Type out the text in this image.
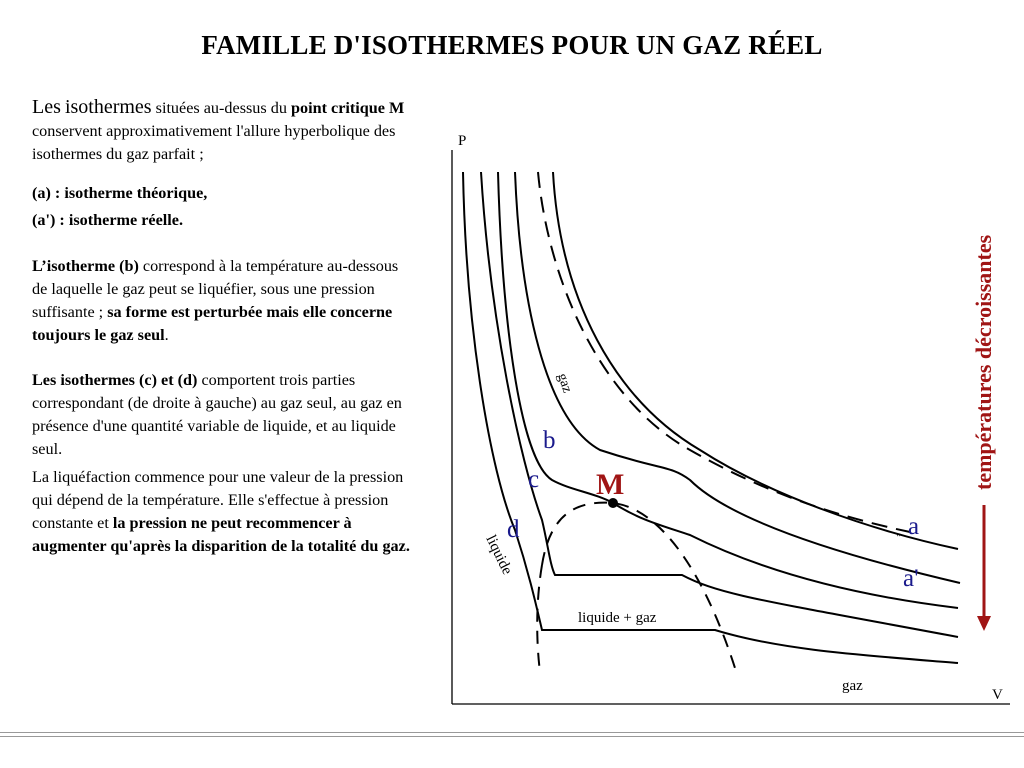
FAMILLE D'ISOTHERMES POUR UN GAZ RÉEL

Les isothermes situées au-dessus du point critique M conservent approximativement l'allure hyperbolique des isothermes du gaz parfait ;

(a) : isotherme théorique,

(a') : isotherme réelle.

L’isotherme (b) correspond à la température au-dessous de laquelle le gaz peut se liquéfier, sous une pression suffisante ; sa forme est perturbée mais elle concerne toujours le gaz seul.

Les isothermes (c) et (d) comportent trois parties correspondant (de droite à gauche) au gaz seul, au gaz en présence d'une quantité variable de liquide, et au liquide seul.

La liquéfaction commence pour une valeur de la pression qui dépend de la température. Elle s'effectue à pression constante et la pression ne peut recommencer à augmenter qu'après la disparition de la totalité du gaz.

P
V
b
c
d	a
a'
"
M
gaz
liquide
liquide + gaz
gaz
températures décroissantes
